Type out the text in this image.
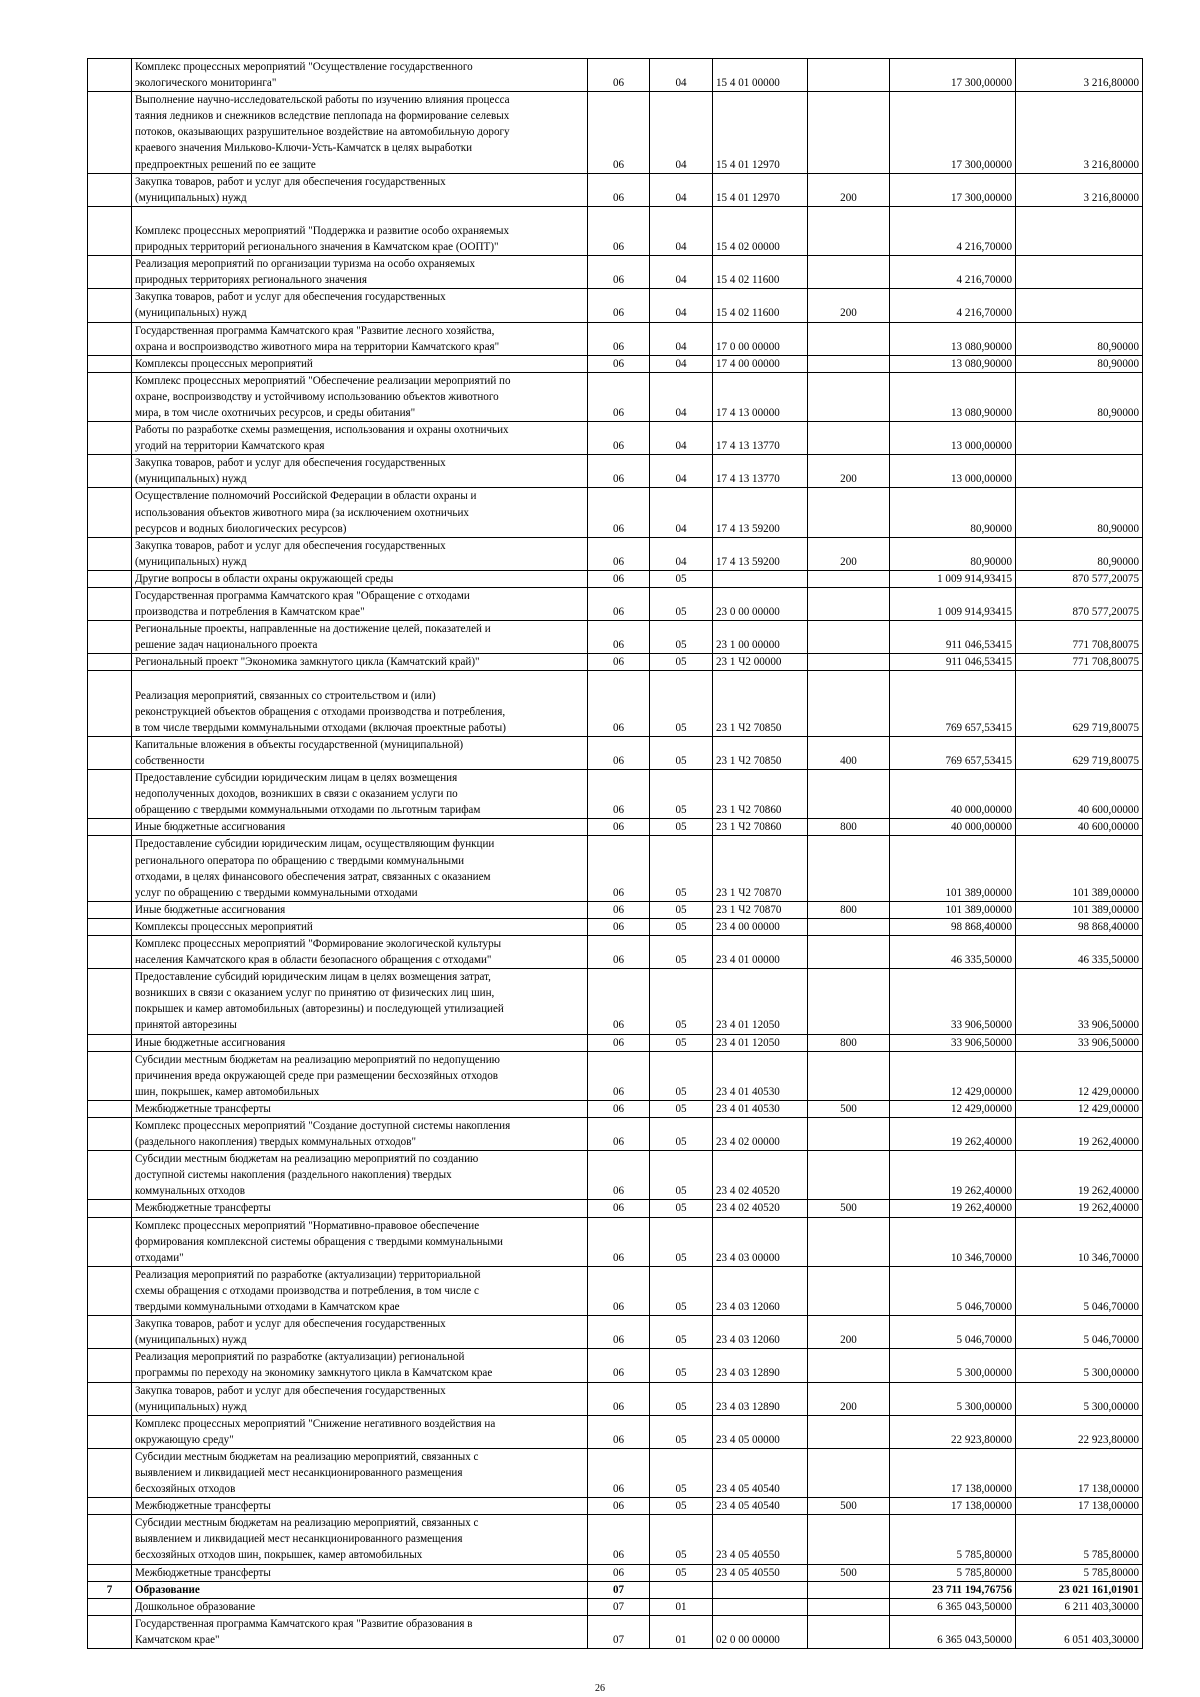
	Комплекс процессных мероприятий "Осуществление государственного
экологического мониторинга"	06	04	15 4 01 00000		17 300,00000	3 216,80000

	Выполнение научно-исследовательской работы по изучению влияния процесса
таяния ледников и снежников вследствие пеплопада на формирование селевых
потоков, оказывающих разрушительное воздействие на автомобильную дорогу
краевого значения Мильково-Ключи-Усть-Камчатск в целях выработки
предпроектных решений по ее защите	06	04	15 4 01 12970		17 300,00000	3 216,80000

	Закупка товаров, работ и услуг для обеспечения государственных
(муниципальных) нужд	06	04	15 4 01 12970	200	17 300,00000	3 216,80000

	Комплекс процессных мероприятий "Поддержка и развитие особо охраняемых
природных территорий регионального значения в Камчатском крае (ООПТ)"	06	04	15 4 02 00000		4 216,70000	

	Реализация мероприятий по организации туризма на особо охраняемых
природных территориях регионального значения	06	04	15 4 02 11600		4 216,70000	

	Закупка товаров, работ и услуг для обеспечения государственных
(муниципальных) нужд	06	04	15 4 02 11600	200	4 216,70000	

	Государственная программа Камчатского края "Развитие лесного хозяйства,
охрана и воспроизводство животного мира на территории Камчатского края"	06	04	17 0 00 00000		13 080,90000	80,90000

	Комплексы процессных мероприятий	06	04	17 4 00 00000		13 080,90000	80,90000

	Комплекс процессных мероприятий "Обеспечение реализации мероприятий по
охране, воспроизводству и устойчивому использованию объектов животного
мира, в том числе охотничьих ресурсов, и среды обитания"	06	04	17 4 13 00000		13 080,90000	80,90000

	Работы по разработке схемы размещения, использования и охраны охотничьих
угодий на территории Камчатского края	06	04	17 4 13 13770		13 000,00000	

	Закупка товаров, работ и услуг для обеспечения государственных
(муниципальных) нужд	06	04	17 4 13 13770	200	13 000,00000	

	Осуществление полномочий Российской Федерации в области охраны и
использования объектов животного мира (за исключением охотничьих
ресурсов и водных биологических ресурсов)	06	04	17 4 13 59200		80,90000	80,90000

	Закупка товаров, работ и услуг для обеспечения государственных
(муниципальных) нужд	06	04	17 4 13 59200	200	80,90000	80,90000

	Другие вопросы в области охраны окружающей среды	06	05			1 009 914,93415	870 577,20075

	Государственная программа Камчатского края "Обращение с отходами
производства и потребления в Камчатском крае"	06	05	23 0 00 00000		1 009 914,93415	870 577,20075

	Региональные проекты, направленные на достижение целей, показателей и
решение задач национального проекта	06	05	23 1 00 00000		911 046,53415	771 708,80075

	Региональный проект "Экономика замкнутого цикла (Камчатский край)"	06	05	23 1 Ч2 00000		911 046,53415	771 708,80075

	Реализация мероприятий, связанных со строительством и (или)
реконструкцией объектов обращения с отходами производства и потребления,
в том числе твердыми коммунальными отходами (включая проектные работы)	06	05	23 1 Ч2 70850		769 657,53415	629 719,80075

	Капитальные вложения в объекты государственной (муниципальной)
собственности	06	05	23 1 Ч2 70850	400	769 657,53415	629 719,80075

	Предоставление субсидии юридическим лицам в целях возмещения
недополученных доходов, возникших в связи с оказанием услуги по
обращению с твердыми коммунальными отходами по льготным тарифам	06	05	23 1 Ч2 70860		40 000,00000	40 600,00000

	Иные бюджетные ассигнования	06	05	23 1 Ч2 70860	800	40 000,00000	40 600,00000

	Предоставление субсидии юридическим лицам, осуществляющим функции
регионального оператора по обращению с твердыми коммунальными
отходами, в целях финансового обеспечения затрат, связанных с оказанием
услуг по обращению с твердыми коммунальными отходами	06	05	23 1 Ч2 70870		101 389,00000	101 389,00000

	Иные бюджетные ассигнования	06	05	23 1 Ч2 70870	800	101 389,00000	101 389,00000

	Комплексы процессных мероприятий	06	05	23 4 00 00000		98 868,40000	98 868,40000

	Комплекс процессных мероприятий "Формирование экологической культуры
населения Камчатского края в области безопасного обращения с отходами"	06	05	23 4 01 00000		46 335,50000	46 335,50000

	Предоставление субсидий юридическим лицам в целях возмещения затрат,
возникших в связи с оказанием услуг по принятию от физических лиц шин,
покрышек и камер автомобильных (авторезины) и последующей утилизацией
принятой авторезины	06	05	23 4 01 12050		33 906,50000	33 906,50000

	Иные бюджетные ассигнования	06	05	23 4 01 12050	800	33 906,50000	33 906,50000

	Субсидии местным бюджетам на реализацию мероприятий по недопущению
причинения вреда окружающей среде при размещении бесхозяйных отходов
шин, покрышек, камер автомобильных	06	05	23 4 01 40530		12 429,00000	12 429,00000

	Межбюджетные трансферты	06	05	23 4 01 40530	500	12 429,00000	12 429,00000

	Комплекс процессных мероприятий "Создание доступной системы накопления
(раздельного накопления) твердых коммунальных отходов"	06	05	23 4 02 00000		19 262,40000	19 262,40000

	Субсидии местным бюджетам на реализацию мероприятий по созданию
доступной системы накопления (раздельного накопления) твердых
коммунальных отходов	06	05	23 4 02 40520		19 262,40000	19 262,40000

	Межбюджетные трансферты	06	05	23 4 02 40520	500	19 262,40000	19 262,40000

	Комплекс процессных мероприятий "Нормативно-правовое обеспечение
формирования комплексной системы обращения с твердыми коммунальными
отходами"	06	05	23 4 03 00000		10 346,70000	10 346,70000

	Реализация мероприятий по разработке (актуализации) территориальной
схемы обращения с отходами производства и потребления, в том числе с
твердыми коммунальными отходами в Камчатском крае	06	05	23 4 03 12060		5 046,70000	5 046,70000

	Закупка товаров, работ и услуг для обеспечения государственных
(муниципальных) нужд	06	05	23 4 03 12060	200	5 046,70000	5 046,70000

	Реализация мероприятий по разработке (актуализации) региональной
программы по переходу на экономику замкнутого цикла в Камчатском крае	06	05	23 4 03 12890		5 300,00000	5 300,00000

	Закупка товаров, работ и услуг для обеспечения государственных
(муниципальных) нужд	06	05	23 4 03 12890	200	5 300,00000	5 300,00000

	Комплекс процессных мероприятий "Снижение негативного воздействия на
окружающую среду"	06	05	23 4 05 00000		22 923,80000	22 923,80000

	Субсидии местным бюджетам на реализацию мероприятий, связанных с
выявлением и ликвидацией мест несанкционированного размещения
бесхозяйных отходов	06	05	23 4 05 40540		17 138,00000	17 138,00000

	Межбюджетные трансферты	06	05	23 4 05 40540	500	17 138,00000	17 138,00000

	Субсидии местным бюджетам на реализацию мероприятий, связанных с
выявлением и ликвидацией мест несанкционированного размещения
бесхозяйных отходов шин, покрышек, камер автомобильных	06	05	23 4 05 40550		5 785,80000	5 785,80000

	Межбюджетные трансферты	06	05	23 4 05 40550	500	5 785,80000	5 785,80000
7	Образование	07				23 711 194,76756	23 021 161,01901

	Дошкольное образование	07	01			6 365 043,50000	6 211 403,30000

	Государственная программа Камчатского края "Развитие образования в
Камчатском крае"	07	01	02 0 00 00000		6 365 043,50000	6 051 403,30000
26
